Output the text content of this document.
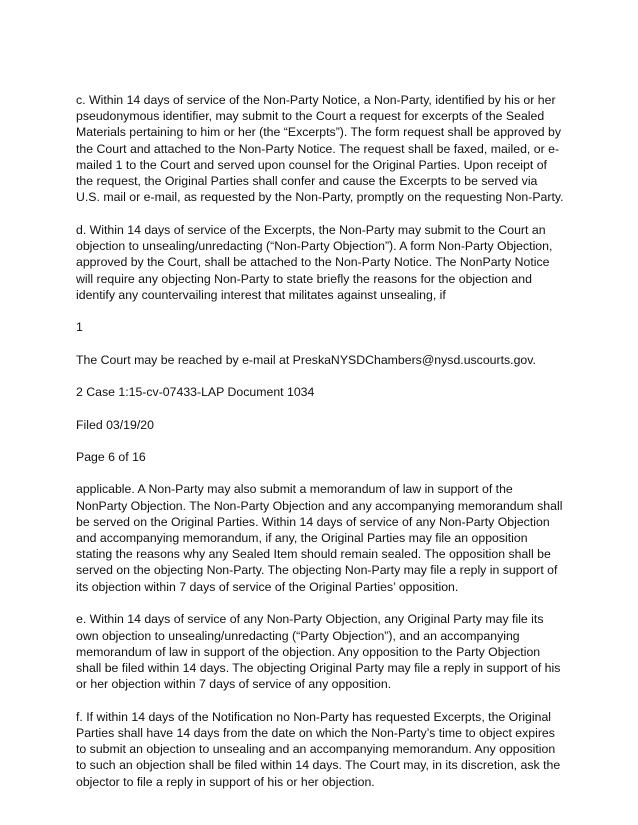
c. Within 14 days of service of the Non-Party Notice, a Non-Party, identified by his or her pseudonymous identifier, may submit to the Court a request for excerpts of the Sealed Materials pertaining to him or her (the “Excerpts”). The form request shall be approved by the Court and attached to the Non-Party Notice. The request shall be faxed, mailed, or e-mailed 1 to the Court and served upon counsel for the Original Parties. Upon receipt of the request, the Original Parties shall confer and cause the Excerpts to be served via U.S. mail or e-mail, as requested by the Non-Party, promptly on the requesting Non-Party.

d. Within 14 days of service of the Excerpts, the Non-Party may submit to the Court an objection to unsealing/unredacting (“Non-Party Objection”). A form Non-Party Objection, approved by the Court, shall be attached to the Non-Party Notice. The NonParty Notice will require any objecting Non-Party to state briefly the reasons for the objection and identify any countervailing interest that militates against unsealing, if

1

The Court may be reached by e-mail at PreskaNYSDChambers@nysd.uscourts.gov.

2 Case 1:15-cv-07433-LAP Document 1034

Filed 03/19/20

Page 6 of 16

applicable. A Non-Party may also submit a memorandum of law in support of the NonParty Objection. The Non-Party Objection and any accompanying memorandum shall be served on the Original Parties. Within 14 days of service of any Non-Party Objection and accompanying memorandum, if any, the Original Parties may file an opposition stating the reasons why any Sealed Item should remain sealed. The opposition shall be served on the objecting Non-Party. The objecting Non-Party may file a reply in support of its objection within 7 days of service of the Original Parties’ opposition.

e. Within 14 days of service of any Non-Party Objection, any Original Party may file its own objection to unsealing/unredacting (“Party Objection”), and an accompanying memorandum of law in support of the objection. Any opposition to the Party Objection shall be filed within 14 days. The objecting Original Party may file a reply in support of his or her objection within 7 days of service of any opposition.

f. If within 14 days of the Notification no Non-Party has requested Excerpts, the Original Parties shall have 14 days from the date on which the Non-Party’s time to object expires to submit an objection to unsealing and an accompanying memorandum. Any opposition to such an objection shall be filed within 14 days. The Court may, in its discretion, ask the objector to file a reply in support of his or her objection.
